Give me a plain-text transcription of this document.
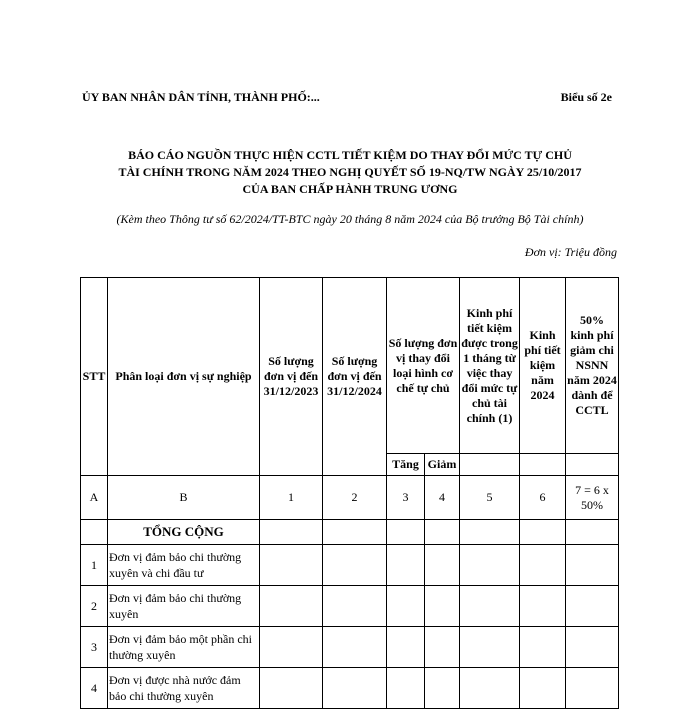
ỦY BAN NHÂN DÂN TỈNH, THÀNH PHỐ:...	Biểu số 2e
BÁO CÁO NGUỒN THỰC HIỆN CCTL TIẾT KIỆM DO THAY ĐỔI MỨC TỰ CHỦ
TÀI CHÍNH TRONG NĂM 2024 THEO NGHỊ QUYẾT SỐ 19-NQ/TW NGÀY 25/10/2017
CỦA BAN CHẤP HÀNH TRUNG ƯƠNG
(Kèm theo Thông tư số 62/2024/TT-BTC ngày 20 tháng 8 năm 2024 của Bộ trưởng Bộ Tài chính)
Đơn vị: Triệu đồng
STT	Phân loại đơn vị sự nghiệp	Số lượng đơn vị đến 31/12/2023	Số lượng đơn vị đến 31/12/2024	Số lượng đơn vị thay đổi loại hình cơ chế tự chủ		Kinh phí tiết kiệm được trong 1 tháng từ việc thay đổi mức tự chủ tài chính (1)	Kinh phí tiết kiệm năm 2024	50% kinh phí giảm chi NSNN năm 2024 dành để CCTL
				Tăng	Giảm			
A	B	1	2	3	4	5	6	7 = 6 x 50%
	TỔNG CỘNG							
1	Đơn vị đảm bảo chi thường xuyên và chi đầu tư							
2	Đơn vị đảm bảo chi thường xuyên							
3	Đơn vị đảm bảo một phần chi thường xuyên							
4	Đơn vị được nhà nước đảm bảo chi thường xuyên							
